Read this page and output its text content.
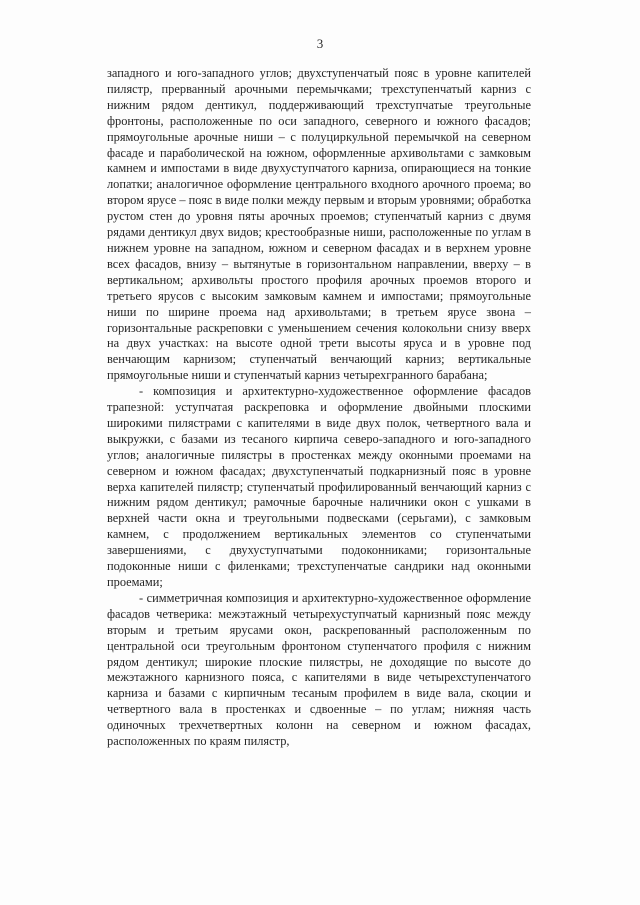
3

западного и юго-западного углов; двухступенчатый пояс в уровне капителей пилястр, прерванный арочными перемычками; трехступенчатый карниз с нижним рядом дентикул, поддерживающий трехступчатые треугольные фронтоны, расположенные по оси западного, северного и южного фасадов; прямоугольные арочные ниши – с полуциркульной перемычкой на северном фасаде и параболической на южном, оформленные архивольтами с замковым камнем и импостами в виде двухуступчатого карниза, опирающиеся на тонкие лопатки; аналогичное оформление центрального входного арочного проема; во втором ярусе – пояс в виде полки между первым и вторым уровнями; обработка рустом стен до уровня пяты арочных проемов; ступенчатый карниз с двумя рядами дентикул двух видов; крестообразные ниши, расположенные по углам в нижнем уровне на западном, южном и северном фасадах и в верхнем уровне всех фасадов, внизу – вытянутые в горизонтальном направлении, вверху – в вертикальном; архивольты простого профиля арочных проемов второго и третьего ярусов с высоким замковым камнем и импостами; прямоугольные ниши по ширине проема над архивольтами; в третьем ярусе звона – горизонтальные раскреповки с уменьшением сечения колокольни снизу вверх на двух участках: на высоте одной трети высоты яруса и в уровне под венчающим карнизом; ступенчатый венчающий карниз; вертикальные прямоугольные ниши и ступенчатый карниз четырехгранного барабана;

- композиция и архитектурно-художественное оформление фасадов трапезной: уступчатая раскреповка и оформление двойными плоскими широкими пилястрами с капителями в виде двух полок, четвертного вала и выкружки, с базами из тесаного кирпича северо-западного и юго-западного углов; аналогичные пилястры в простенках между оконными проемами на северном и южном фасадах; двухступенчатый подкарнизный пояс в уровне верха капителей пилястр; ступенчатый профилированный венчающий карниз с нижним рядом дентикул; рамочные барочные наличники окон с ушками в верхней части окна и треугольными подвесками (серьгами), с замковым камнем, с продолжением вертикальных элементов со ступенчатыми завершениями, с двухуступчатыми подоконниками; горизонтальные подоконные ниши с филенками; трехступенчатые сандрики над оконными проемами;

- симметричная композиция и архитектурно-художественное оформление фасадов четверика: межэтажный четырехуступчатый карнизный пояс между вторым и третьим ярусами окон, раскрепованный расположенным по центральной оси треугольным фронтоном ступенчатого профиля с нижним рядом дентикул; широкие плоские пилястры, не доходящие по высоте до межэтажного карнизного пояса, с капителями в виде четырехступенчатого карниза и базами с кирпичным тесаным профилем в виде вала, скоции и четвертного вала в простенках и сдвоенные – по углам; нижняя часть одиночных трехчетвертных колонн на северном и южном фасадах, расположенных по краям пилястр,
